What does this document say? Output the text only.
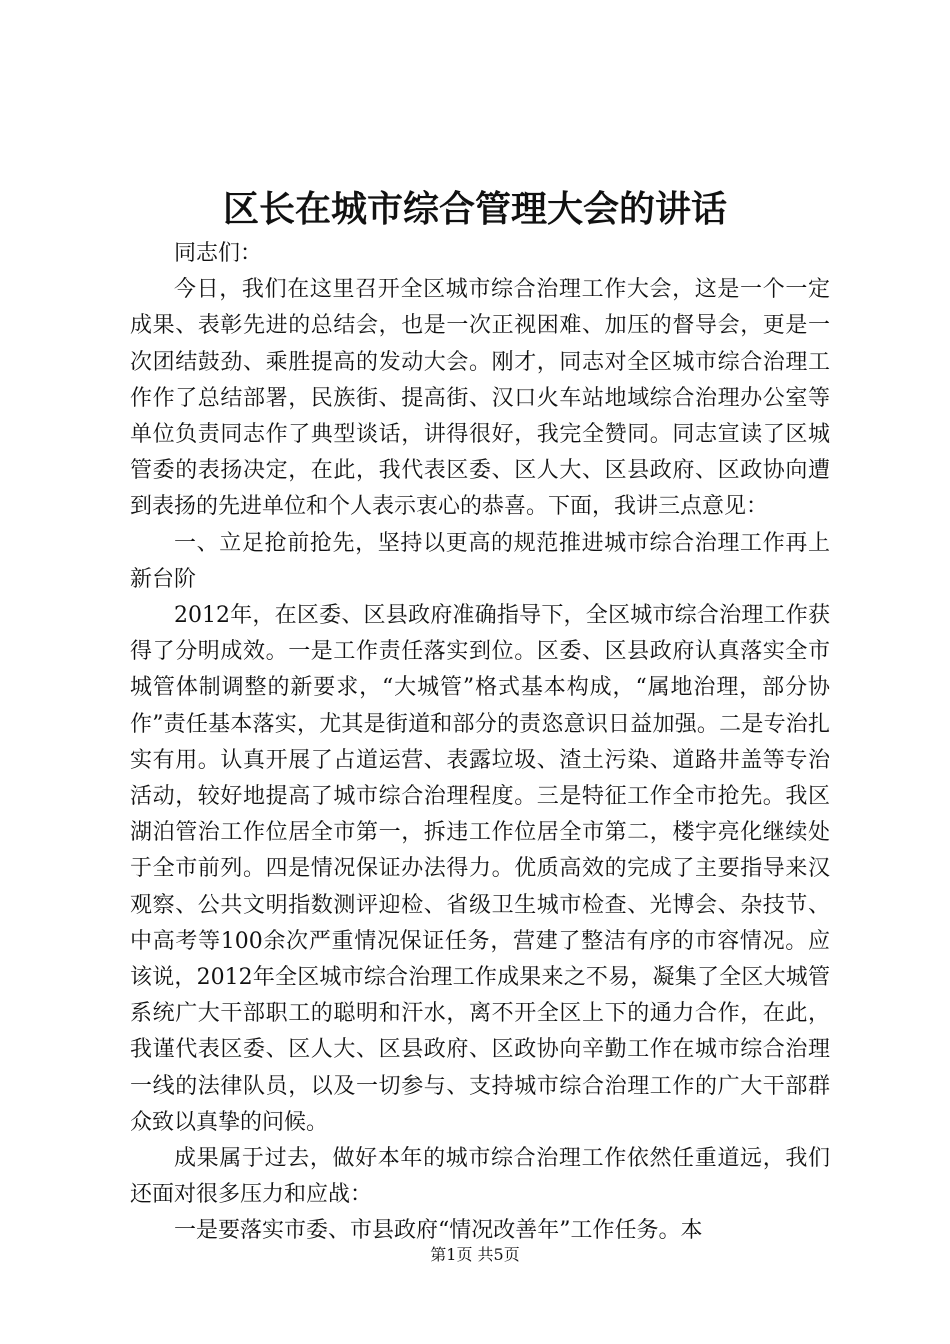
区长在城市综合管理大会的讲话

同志们：

今日，我们在这里召开全区城市综合治理工作大会，这是一个一定成果、表彰先进的总结会，也是一次正视困难、加压的督导会，更是一次团结鼓劲、乘胜提高的发动大会。刚才，同志对全区城市综合治理工作作了总结部署，民族街、提高街、汉口火车站地域综合治理办公室等单位负责同志作了典型谈话，讲得很好，我完全赞同。同志宣读了区城管委的表扬决定，在此，我代表区委、区人大、区县政府、区政协向遭到表扬的先进单位和个人表示衷心的恭喜。下面，我讲三点意见：

一、立足抢前抢先，坚持以更高的规范推进城市综合治理工作再上新台阶

2012年，在区委、区县政府准确指导下，全区城市综合治理工作获得了分明成效。一是工作责任落实到位。区委、区县政府认真落实全市城管体制调整的新要求，“大城管”格式基本构成，“属地治理，部分协作”责任基本落实，尤其是街道和部分的责恣意识日益加强。二是专治扎实有用。认真开展了占道运营、表露垃圾、渣土污染、道路井盖等专治活动，较好地提高了城市综合治理程度。三是特征工作全市抢先。我区湖泊管治工作位居全市第一，拆违工作位居全市第二，楼宇亮化继续处于全市前列。四是情况保证办法得力。优质高效的完成了主要指导来汉观察、公共文明指数测评迎检、省级卫生城市检查、光博会、杂技节、中高考等100余次严重情况保证任务，营建了整洁有序的市容情况。应该说，2012年全区城市综合治理工作成果来之不易，凝集了全区大城管系统广大干部职工的聪明和汗水，离不开全区上下的通力合作，在此，我谨代表区委、区人大、区县政府、区政协向辛勤工作在城市综合治理一线的法律队员，以及一切参与、支持城市综合治理工作的广大干部群众致以真挚的问候。

成果属于过去，做好本年的城市综合治理工作依然任重道远，我们还面对很多压力和应战：

一是要落实市委、市县政府“情况改善年”工作任务。本

第1页 共5页
